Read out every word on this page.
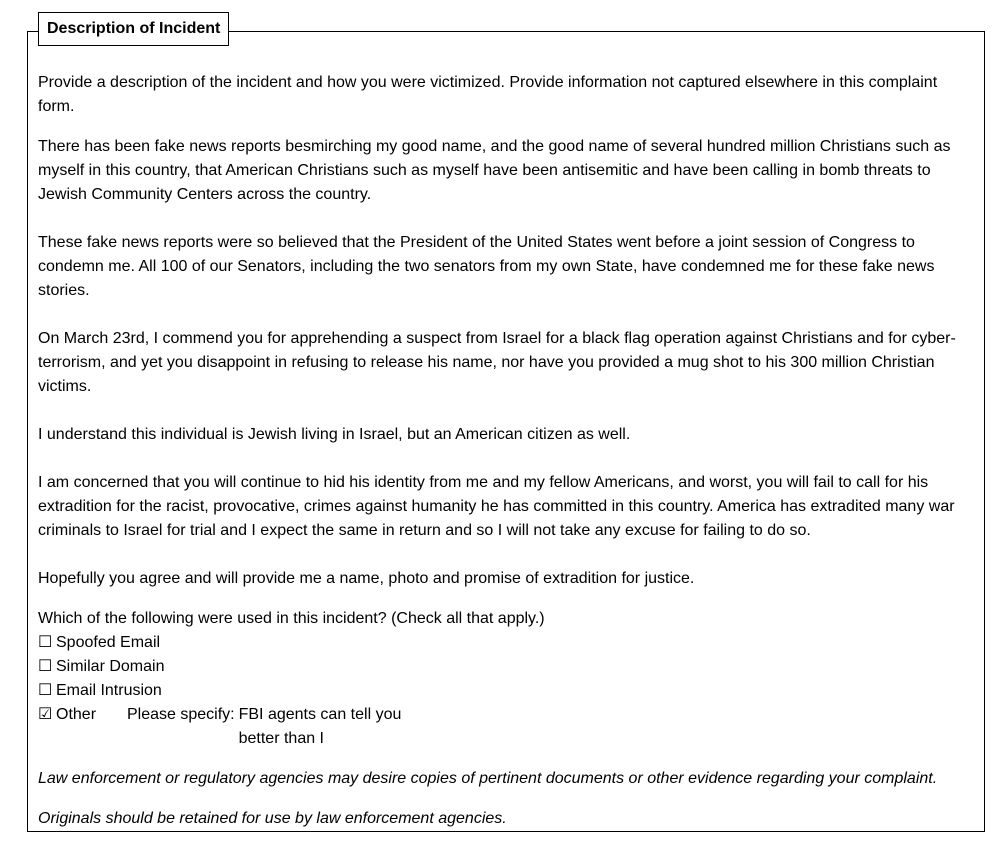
Description of Incident

Provide a description of the incident and how you were victimized. Provide information not captured elsewhere in this complaint form.

There has been fake news reports besmirching my good name, and the good name of several hundred million Christians such as myself in this country, that American Christians such as myself have been antisemitic and have been calling in bomb threats to Jewish Community Centers across the country.

These fake news reports were so believed that the President of the United States went before a joint session of Congress to condemn me. All 100 of our Senators, including the two senators from my own State, have condemned me for these fake news stories.

On March 23rd, I commend you for apprehending a suspect from Israel for a black flag operation against Christians and for cyber-terrorism, and yet you disappoint in refusing to release his name, nor have you provided a mug shot to his 300 million Christian victims.

I understand this individual is Jewish living in Israel, but an American citizen as well.

I am concerned that you will continue to hid his identity from me and my fellow Americans, and worst, you will fail to call for his extradition for the racist, provocative, crimes against humanity he has committed in this country. America has extradited many war criminals to Israel for trial and I expect the same in return and so I will not take any excuse for failing to do so.

Hopefully you agree and will provide me a name, photo and promise of extradition for justice.

Which of the following were used in this incident? (Check all that apply.)

☐ Spoofed Email
☐ Similar Domain
☐ Email Intrusion
☑ Other	Please specify: FBI agents can tell you better than I

Law enforcement or regulatory agencies may desire copies of pertinent documents or other evidence regarding your complaint.

Originals should be retained for use by law enforcement agencies.
